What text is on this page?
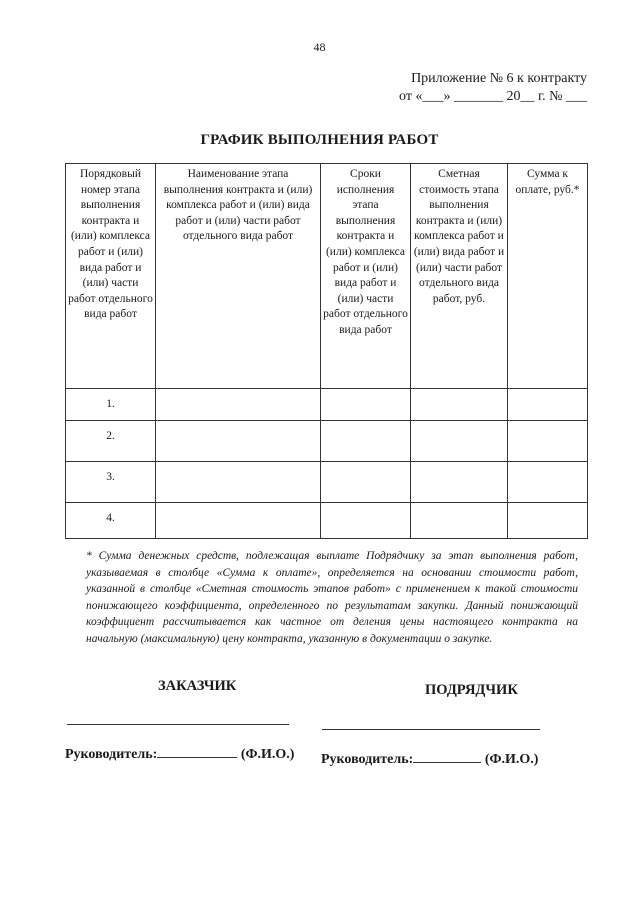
48
Приложение № 6 к контракту
от «___» _______ 20__ г. № ___
ГРАФИК ВЫПОЛНЕНИЯ РАБОТ
Порядковый номер этапа выполнения контракта и (или) комплекса работ и (или) вида работ и (или) части работ отдельного вида работ	Наименование этапа выполнения контракта и (или) комплекса работ и (или) вида работ и (или) части работ отдельного вида работ	Сроки исполнения этапа выполнения контракта и (или) комплекса работ и (или) вида работ и (или) части работ отдельного вида работ	Сметная стоимость этапа выполнения контракта и (или) комплекса работ и (или) вида работ и (или) части работ отдельного вида работ, руб.	Сумма к оплате, руб.*
1.				
2.				
3.				
4.				
* Сумма денежных средств, подлежащая выплате Подрядчику за этап выполнения работ, указываемая в столбце «Сумма к оплате», определяется на основании стоимости работ, указанной в столбце «Сметная стоимость этапов работ» с применением к такой стоимости понижающего коэффициента, определенного по результатам закупки. Данный понижающий коэффициент рассчитывается как частное от деления цены настоящего контракта на начальную (максимальную) цену контракта, указанную в документации о закупке.
ЗАКАЗЧИК	ПОДРЯДЧИК
Руководитель:	(Ф.И.О.) Руководитель:	(Ф.И.О.)
